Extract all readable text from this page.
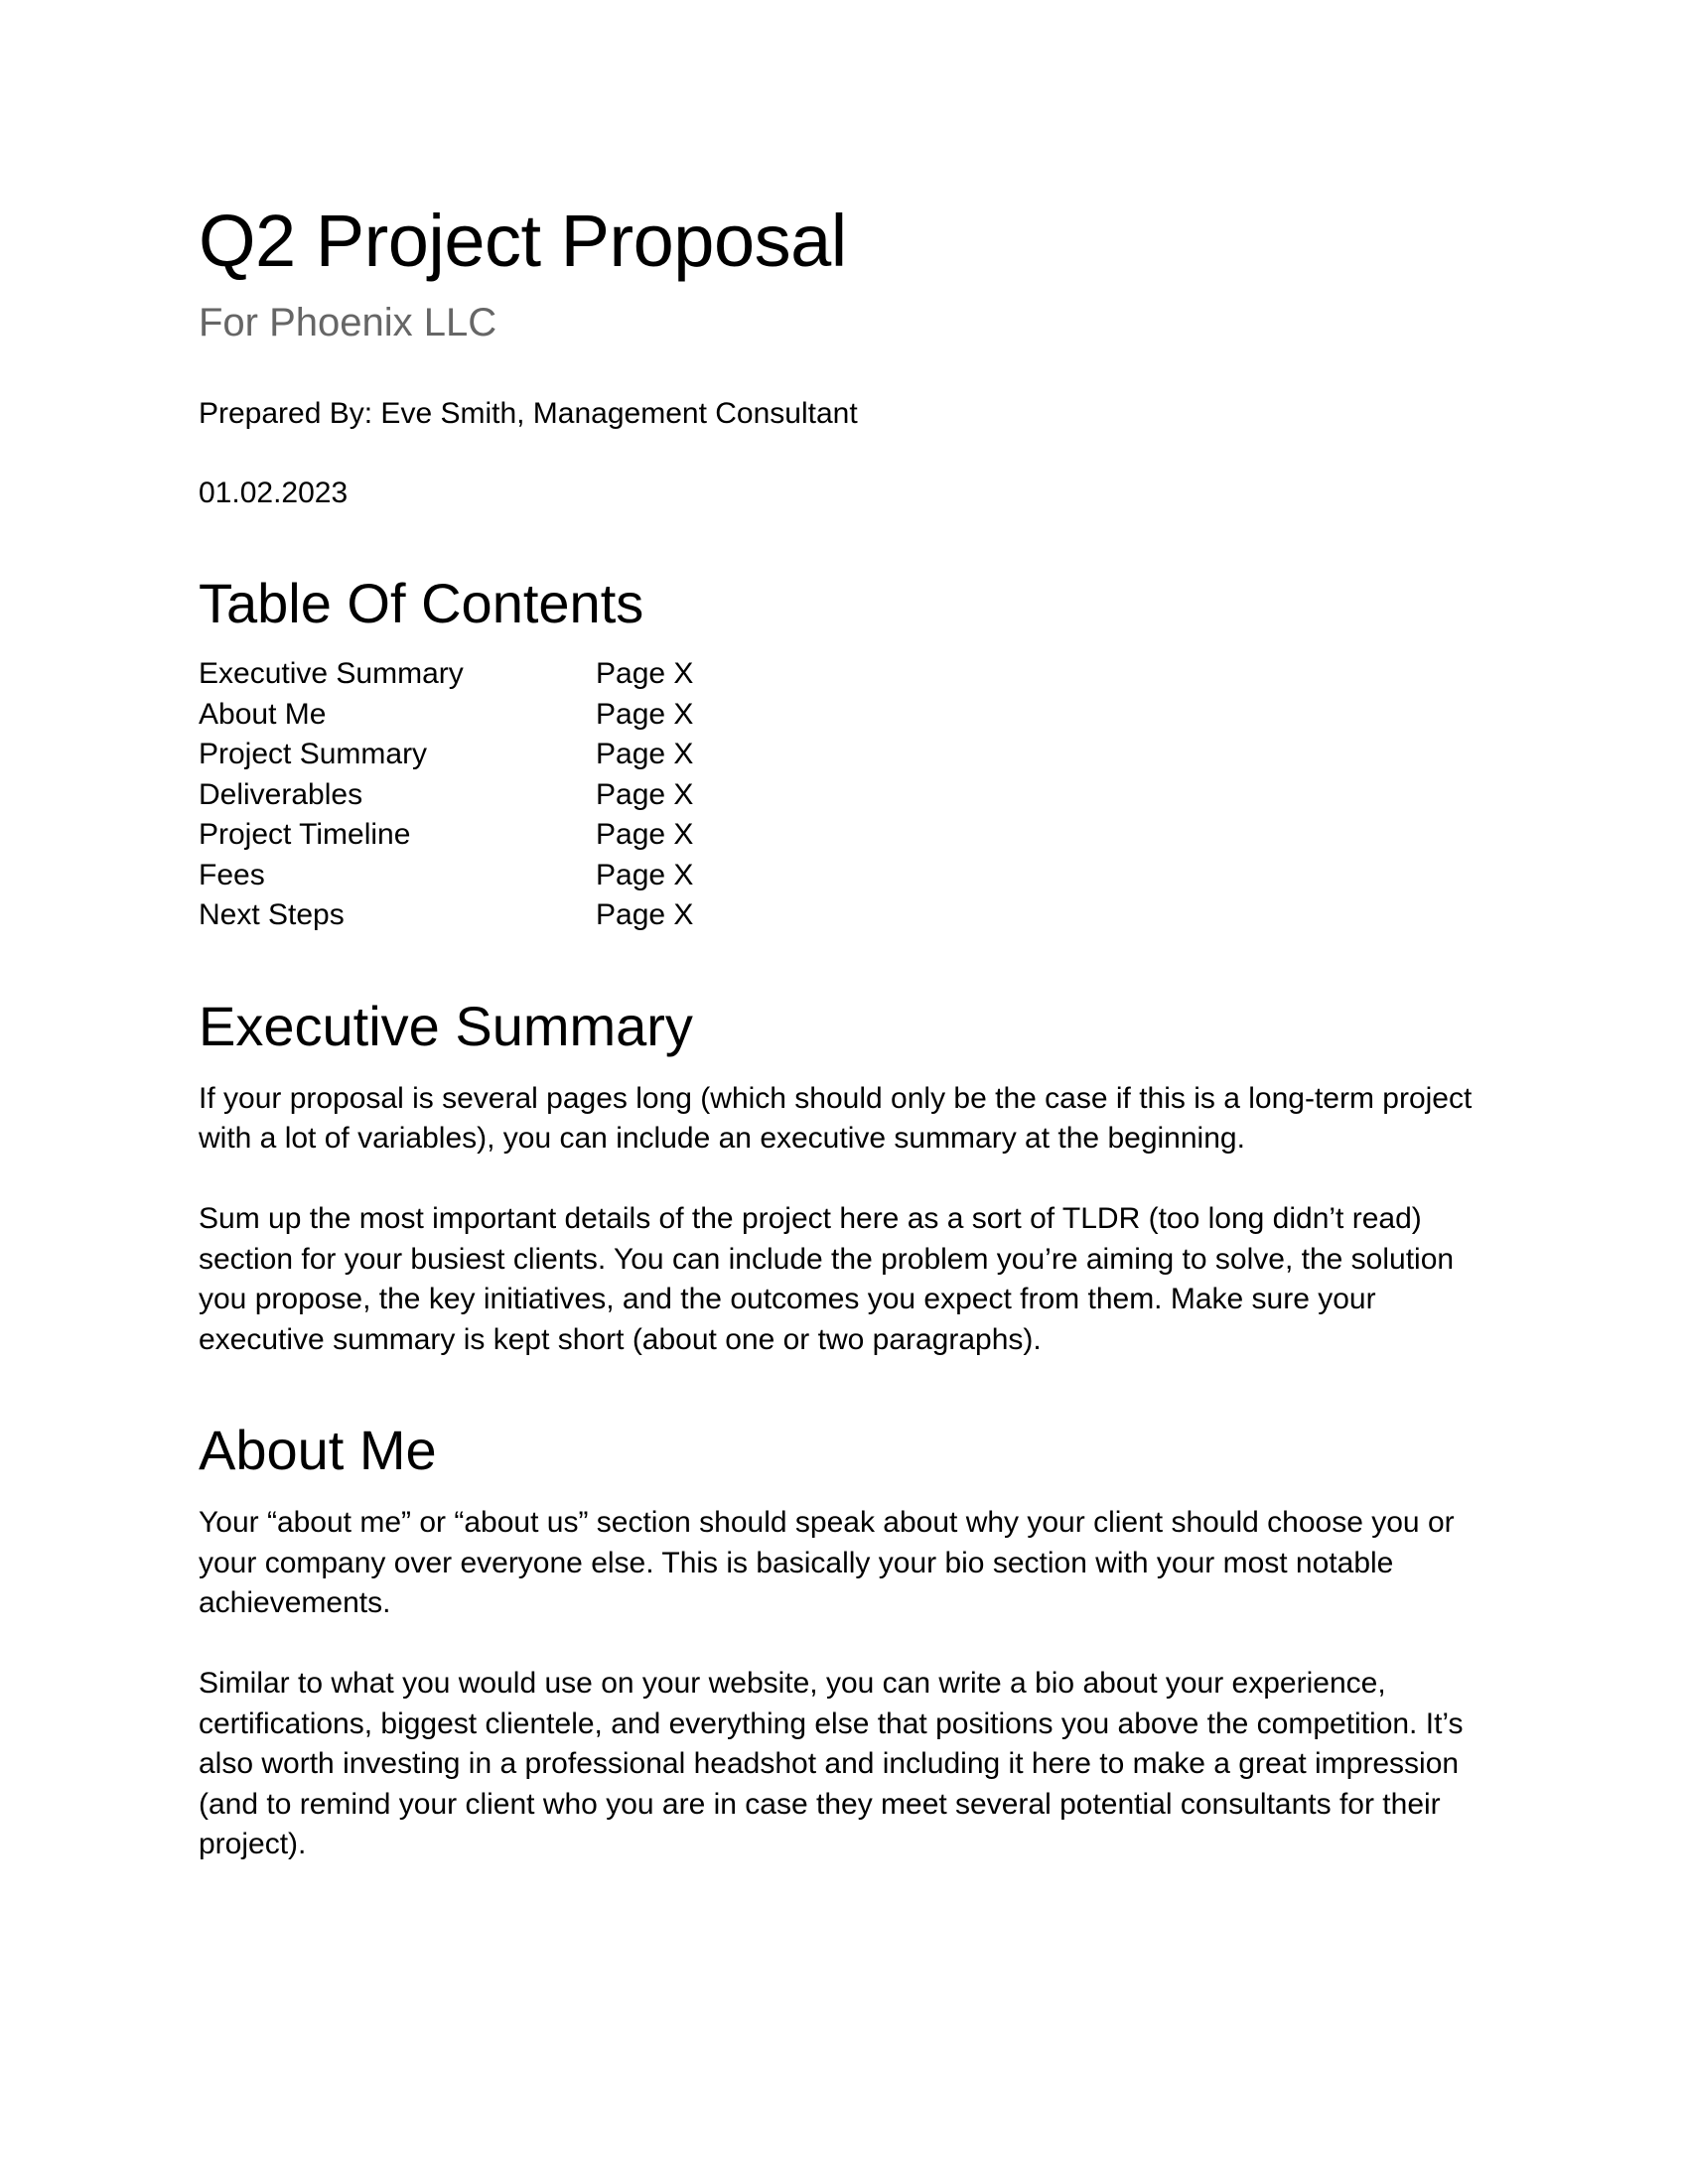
Q2 Project Proposal
For Phoenix LLC

Prepared By: Eve Smith, Management Consultant

01.02.2023

Table Of Contents
Executive Summary	Page X
About Me	Page X
Project Summary	Page X
Deliverables	Page X
Project Timeline	Page X
Fees	Page X
Next Steps	Page X
Executive Summary

If your proposal is several pages long (which should only be the case if this is a long-term project with a lot of variables), you can include an executive summary at the beginning.

Sum up the most important details of the project here as a sort of TLDR (too long didn’t read) section for your busiest clients. You can include the problem you’re aiming to solve, the solution you propose, the key initiatives, and the outcomes you expect from them. Make sure your executive summary is kept short (about one or two paragraphs).

About Me

Your “about me” or “about us” section should speak about why your client should choose you or your company over everyone else. This is basically your bio section with your most notable achievements.

Similar to what you would use on your website, you can write a bio about your experience, certifications, biggest clientele, and everything else that positions you above the competition. It’s also worth investing in a professional headshot and including it here to make a great impression (and to remind your client who you are in case they meet several potential consultants for their project).
